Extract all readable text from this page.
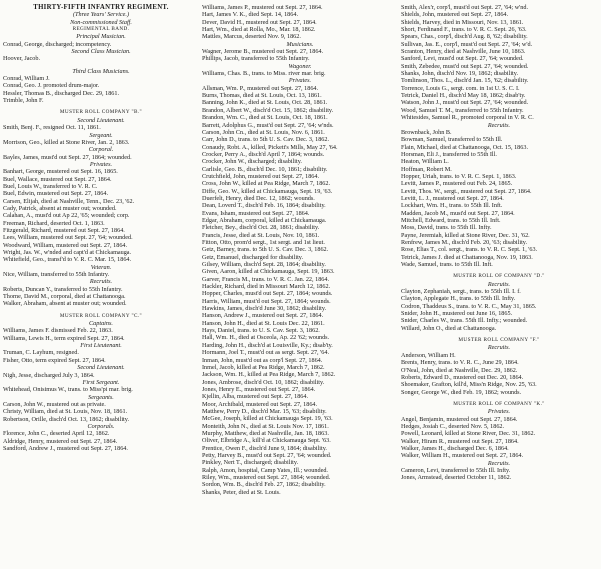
THIRTY-FIFTH INFANTRY REGIMENT.
(Three Years' Service.)
Non-commissioned Staff.
REGIMENTAL BAND.
Principal Musician.
Conrad, George, discharged; incompetency.
Second Class Musician.
Hoover, Jacob.
Third Class Musicians.
Conrad, William J.
Conrad, Geo. J. promoted drum-major.
Hessler, Thomas B., discharged Dec. 29, 1861.
Trimble, John F.
MUSTER ROLL COMPANY "B."
Second Lieutenant.
Smith, Benj. F., resigned Oct. 11, 1861.
Sergeant.
Morrison, Geo., killed at Stone River, Jan. 2, 1863.
Corporal.
Bayles, James, must'd out Sept. 27, 1864; wounded.
Privates.
Banhart, George, mustered out Sept. 16, 1865.
Buel, Wallace, mustered out Sept. 27, 1864.
Buel, Louis W., transferred to V. R. C.
Buel, Edwin, mustered out Sept. 27, 1864.
Carsen, Elijah, died at Nashville, Tenn., Dec. 23, '62.
Cady, Patrick, absent at muster out; wounded.
Calahan, A., must'd out Ap 22, '65; wounded; corp.
Freeman, Richard, deserted Oct. 1, 1863.
Fitzgerald, Richard, mustered out Sept. 27, 1864.
Lees, William, mustered out Sept. 27, '64; wounded.
Woodward, William, mustered out Sept. 27, 1864.
Wright, Jas. W., w'nded and capt'd at Chickamauga.
Whitefield, Geo., transf'd to V. R. C. Mar. 15, 1864.
Veteran.
Nice, William, transferred to 55th Infantry.
Recruits.
Roberts, Duncan Y., transferred to 55th Infantry.
Thorne, David M., corporal, died at Chattanooga.
Walker, Abraham, absent at muster out; wounded.
MUSTER ROLL COMPANY "C."
Captains.
Williams, James F. dismissed Feb. 22, 1863.
Williams, Lewis H., term expired Sept. 27, 1864.
First Lieutenant.
Truman, C. Layhum, resigned.
Fisher, Otto, term expired Sept. 27, 1864.
Second Lieutenant.
Nigh, Jesse, discharged July 3, 1864.
First Sergeant.
Whitehead, Onisimus W., trans. to Miss'pi mar. brig.
Sergeants.
Carson, John W., mustered out as private.
Christy, William, died at St. Louis, Nov. 18, 1861.
Robertson, Orille, disch'd Oct. 13, 1862; disability.
Corporals.
Florence, John C., deserted April 12, 1862.
Aldridge, Henry, mustered out Sept. 27, 1864.
Sandford, Andrew J., mustered out Sept. 27, 1864.
Williams, James P., mustered out Sept. 27, 1864.
Hart, James V. K., died Sept. 14, 1864.
Dever, David H., mustered out Sept. 27, 1864.
Hart, Wm., died at Rolla, Mo., Mar. 18, 1862.
Mattles, Marcus, deserted Nov. 9, 1862.
Musicians.
Wagner, Jerome B., mustered out Sept. 27, 1864.
Phillips, Jacob, transferred to 55th Infantry.
Wagoner.
Williams, Chas. B., trans. to Miss. river mar. brig.
Privates.
Allsman, Wm. P., mustered out Sept. 27, 1864.
Burns, Thomas, died at St. Louis, Oct. 13, 1861.
Banning, John K., died at St. Louis, Oct. 28, 1861.
Brandon, Albert W., disch'd Oct. 15, 1862; disability.
Brandon, Wm. C., died at St. Louis, Oct. 18, 1861.
Barrett, Adolphus G., must'd out Sept. 27, '64; w'nds.
Carson, John Cn., died at St. Louis, Nov. 6, 1861.
Carr, John D., trans. to 5th U. S. Cav. Dec. 3, 1862.
Conaudy, Robt. A., killed, Pickett's Mills, May 27, '64.
Crocker, Perry A., disch'd April 7, 1864; wounds.
Crocker, John W., discharged; disability.
Carlisle, Geo. B., disch'd Dec. 10, 1861; disability.
Crutchfield, John, mustered out Sept. 27, 1864.
Cross, John W., killed at Pea Ridge, March 7, 1862.
Diffe, Geo. W., killed at Chickamauga, Sept. 19, '63.
Duerfelt, Henry, died Dec. 12, 1862; wounds.
Dean, Loverd T., disch'd Feb. 16, 1864; disability.
Evans, Isham, mustered out Sept. 27, 1864.
Edgar, Abraham, corporal, killed at Chickamauga.
Fletcher, Bey., disch'd Oct. 28, 1861; disability.
Francis, Jesse, died at St. Louis, Nov. 10, 1861.
Fitton, Otto, prom'd sergt., 1st sergt. and 1st lieut.
Getz, Barney, trans. to 5th U. S. Cav. Dec. 3, 1862.
Getz, Emanuel, discharged for disability.
Gilsey, William, disch'd Sept. 28, 1864; disability.
Given, Aaron, killed at Chickamauga, Sept. 19, 1863.
Garver, Francis M., trans. to V. R. C. Jan. 22, 1864.
Hackler, Richard, died in Missouri March 12, 1862.
Hopper, Charles, must'd out Sept. 27, 1864; wounds.
Harris, William, must'd out Sept. 27, 1864; wounds.
Hawkins, James, disch'd June 30, 1862; disability.
Hanson, Andrew J., mustered out Sept. 27, 1864.
Hanson, John H., died at St. Louis Dec. 22, 1861.
Hays, Daniel, trans. to U. S. Cav. Sept. 3, 1862.
Hall, Wm. H., died at Osceola, Ap. 22 '62; wounds.
Harding, John H., disch'd at Louisville, Ky.; disab'ty.
Hormann, Joel T., must'd out as sergt. Sept. 27, '64.
Inman, John, must'd out as corp'l Sept. 27, 1864.
Inmel, Jacob, killed at Pea Ridge, March 7, 1862.
Jackson, Wm. H., killed at Pea Ridge, March 7, 1862.
Jones, Ambrose, disch'd Oct. 10, 1862; disability.
Jones, Henry E., mustered out Sept. 27, 1864.
Kjellin, Alba, mustered out Sept. 27, 1864.
Moor, Archibald, mustered out Sept. 27, 1864.
Matthew, Perry D., disch'd Mar. 15, '63; disability.
McGee, Joseph, killed at Chickamauga Sept. 19, '63.
Monteith, John N., died at St. Louis Nov. 17, 1861.
Murphy, Matthew, died at Nashville, Jan. 18, 1863.
Oliver, Elbridge A., kill'd at Chickamauga Sept. '63.
Prentice, Owen F., disch'd June 9, 1864; disability.
Petty, Harvey B., must'd out Sept. 27, '64; wounded.
Pinkley, Nert T., discharged; disability.
Ralph, Amon, hospital, Camp Yates, Ill.; wounded.
Riley, Wm., mustered out Sept. 27, 1864; wounded.
Sordon, Wm. B., disch'd Feb. 27, 1862; disability.
Shanks, Peter, died at St. Louis.
Smith, Alex'r, corp'l, must'd out Sept. 27, '64; w'nd.
Shields, John, mustered out Sept. 27, 1864.
Shields, Harvey, died in Missouri, Nov. 13, 1861.
Short, Ferdinand F., trans. to V. R. C. Sept. 26, '63.
Spears, Chas., corp'l, disch'd Aug. 8, '62; disability.
Sullivan, Jas. E., corp'l, must'd out Sept. 27, '64; w'd.
Scranton, Henry, died at Nashville, June 10, 1863.
Sanford, Levi, must'd out Sept. 27, '64; wounded.
Smith, Zebedee, must'd out Sept. 27, '64; wounded.
Shanks, John, disch'd Nov. 19, 1862; disability.
Tomlinson, Thos. L., disch'd Jan. 15, '62; disability.
Torrence, Louis G., sergt. com. in 1st U. S. C. I.
Tetrick, Daniel H., disch'd May 18, 1862; disab'ty.
Watson, John J., must'd out Sept. 27, '64; wounded.
Wood, Samuel T. M., transferred to 55th Infantry.
Whitesides, Samuel R., promoted corporal in V. R. C.
Recruits.
Brownback, John B.
Bowman, Samuel, transferred to 55th Ill.
Flain, Michael, died at Chattanooga, Oct. 15, 1863.
Horsman, Eli J., transferred to 55th Ill.
Heaton, William L.
Hoffman, Robert M.
Hopper, Uriah, trans. to V. R. C. Sept. 1, 1863.
Levitt, James P., mustered out Feb. 24, 1865.
Levitt, Thos. W., sergt., mustered out Sept. 27, 1864.
Levitt, L. J., mustered out Sept. 27, 1864.
Lockhart, Wm. H., trans. to 55th Ill. Inft.
Madden, Jacob M., must'd out Sept. 27, 1864.
Mitchell, Edward, trans. to 55th Ill. Inft.
Moss, David, trans. to 55th Ill. Infty.
Payne, Jeremiah, killed at Stone River, Dec. 31, '62.
Renfrew, James M., disch'd Feb. 20, '63; disability.
Rose, Elias T., col. sergt., trans. to V. R. C. Sept. 1, '63.
Tetrick, James J. died at Chattanooga, Nov. 19, 1863.
Wade, Samuel, trans. to 55th Ill. Inft.
MUSTER ROLL OF COMPANY "D."
Recruits.
Clayton, Zephaniah, sergt., trans. to 55th Ill. I. f.
Clayton, Applegate H., trans. to 55th Ill. Infty.
Codron, Thaddeus S., trans. to V. R. C., May 31, 1865.
Snider, John H., mustered out June 16, 1865.
Snider, Charles W., trans. 55th Ill. Infty.; wounded.
Willard, John O., died at Chattanooga.
MUSTER ROLL COMPANY "F."
Recruits.
Anderson, William H.
Brents, Henry, trans. to V. R. C., June 29, 1864.
O'Neal, John, died at Nashville, Dec. 29, 1862.
Roberts, Edward D., mustered out Dec. 20, 1864.
Shoemaker, Grafton, kill'd, Miss'n Ridge, Nov. 25, '63.
Songer, George W., died Feb. 19, 1862; wounds.
MUSTER ROLL OF COMPANY "K."
Privates.
Angel, Benjamin, mustered out Sept. 27, 1864.
Hedges, Josiah C., deserted Nov. 5, 1862.
Powell, Leonard, killed at Stone River, Dec. 31, 1862.
Walker, Hiram R., mustered out Sept. 27, 1864.
Walker, James H., discharged Dec. 6, 1864.
Walker, William H., mustered out Sept. 27, 1864.
Recruits.
Cameron, Levi, transferred to 55th Ill. Infty.
Jones, Armstead, deserted October 11, 1862.
